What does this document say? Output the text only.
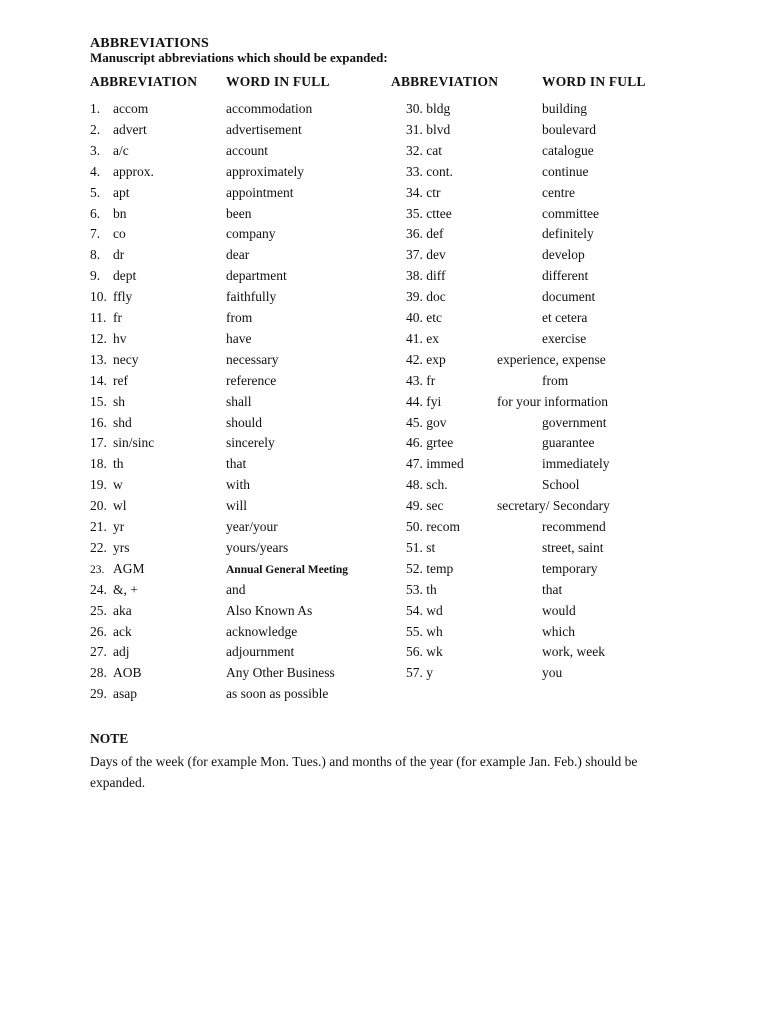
ABBREVIATIONS
Manuscript abbreviations which should be expanded:
ABBREVIATION WORD IN FULL	ABBREVIATION	WORD IN FULL
1. accom	accommodation
2. advert	advertisement
3. a/c	account
4. approx.	approximately
5. apt	appointment
6. bn	been
7. co	company
8. dr	dear
9. dept	department
10. ffly	faithfully
11. fr	from
12. hv	have
13. necy	necessary
14. ref	reference
15. sh	shall
16. shd	should
17. sin/sinc	sincerely
18. th	that
19. w	with
20. wl	will
21. yr	year/your
22. yrs	yours/years
23. AGM	Annual General Meeting
24. &, +	and
25. aka	Also Known As
26. ack	acknowledge
27. adj	adjournment
28. AOB	Any Other Business
29. asap	as soon as possible
30. bldg	building
31. blvd	boulevard
32. cat	catalogue
33. cont.	continue
34. ctr	centre
35. cttee	committee
36. def	definitely
37. dev	develop
38. diff	different
39. doc	document
40. etc	et cetera
41. ex	exercise
42. exp	experience, expense
43. fr	from
44. fyi	for your information
45. gov	government
46. grtee	guarantee
47. immed	immediately
48. sch.	School
49. sec	secretary/ Secondary
50. recom	recommend
51. st	street, saint
52. temp	temporary
53. th	that
54. wd	would
55. wh	which
56. wk	work, week
57. y	you
NOTE
Days of the week (for example Mon. Tues.) and months of the year (for example Jan. Feb.) should be expanded.
